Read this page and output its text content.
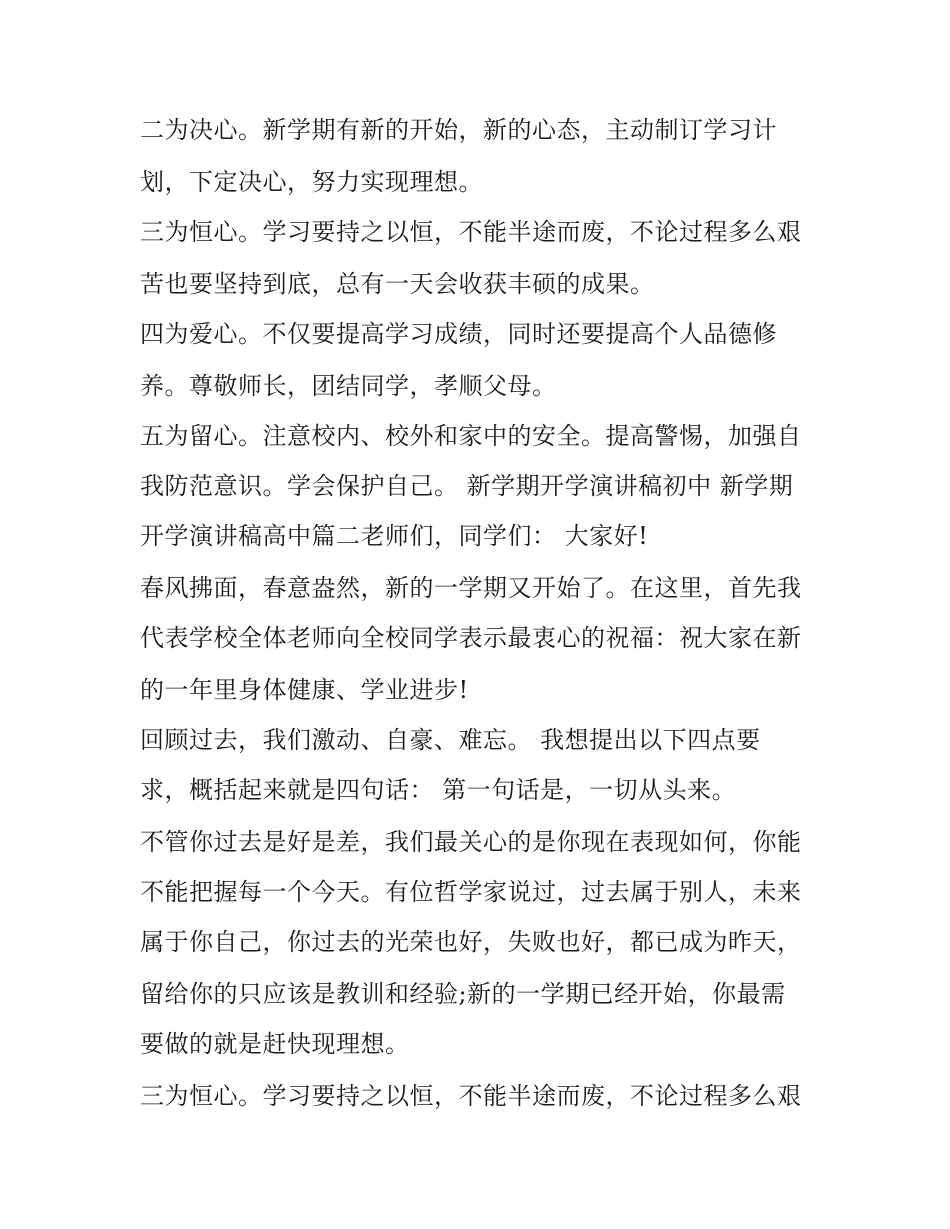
二为决心。新学期有新的开始，新的心态，主动制订学习计
划，下定决心，努力实现理想。
三为恒心。学习要持之以恒，不能半途而废，不论过程多么艰
苦也要坚持到底，总有一天会收获丰硕的成果。
四为爱心。不仅要提高学习成绩，同时还要提高个人品德修
养。尊敬师长，团结同学，孝顺父母。
五为留心。注意校内、校外和家中的安全。提高警惕，加强自
我防范意识。学会保护自己。 新学期开学演讲稿初中 新学期
开学演讲稿高中篇二老师们，同学们： 大家好!
春风拂面，春意盎然，新的一学期又开始了。在这里，首先我
代表学校全体老师向全校同学表示最衷心的祝福：祝大家在新
的一年里身体健康、学业进步!
回顾过去，我们激动、自豪、难忘。 我想提出以下四点要
求，概括起来就是四句话： 第一句话是，一切从头来。
不管你过去是好是差，我们最关心的是你现在表现如何，你能
不能把握每一个今天。有位哲学家说过，过去属于别人，未来
属于你自己，你过去的光荣也好，失败也好，都已成为昨天，
留给你的只应该是教训和经验;新的一学期已经开始，你最需
要做的就是赶快现理想。
三为恒心。学习要持之以恒，不能半途而废，不论过程多么艰
